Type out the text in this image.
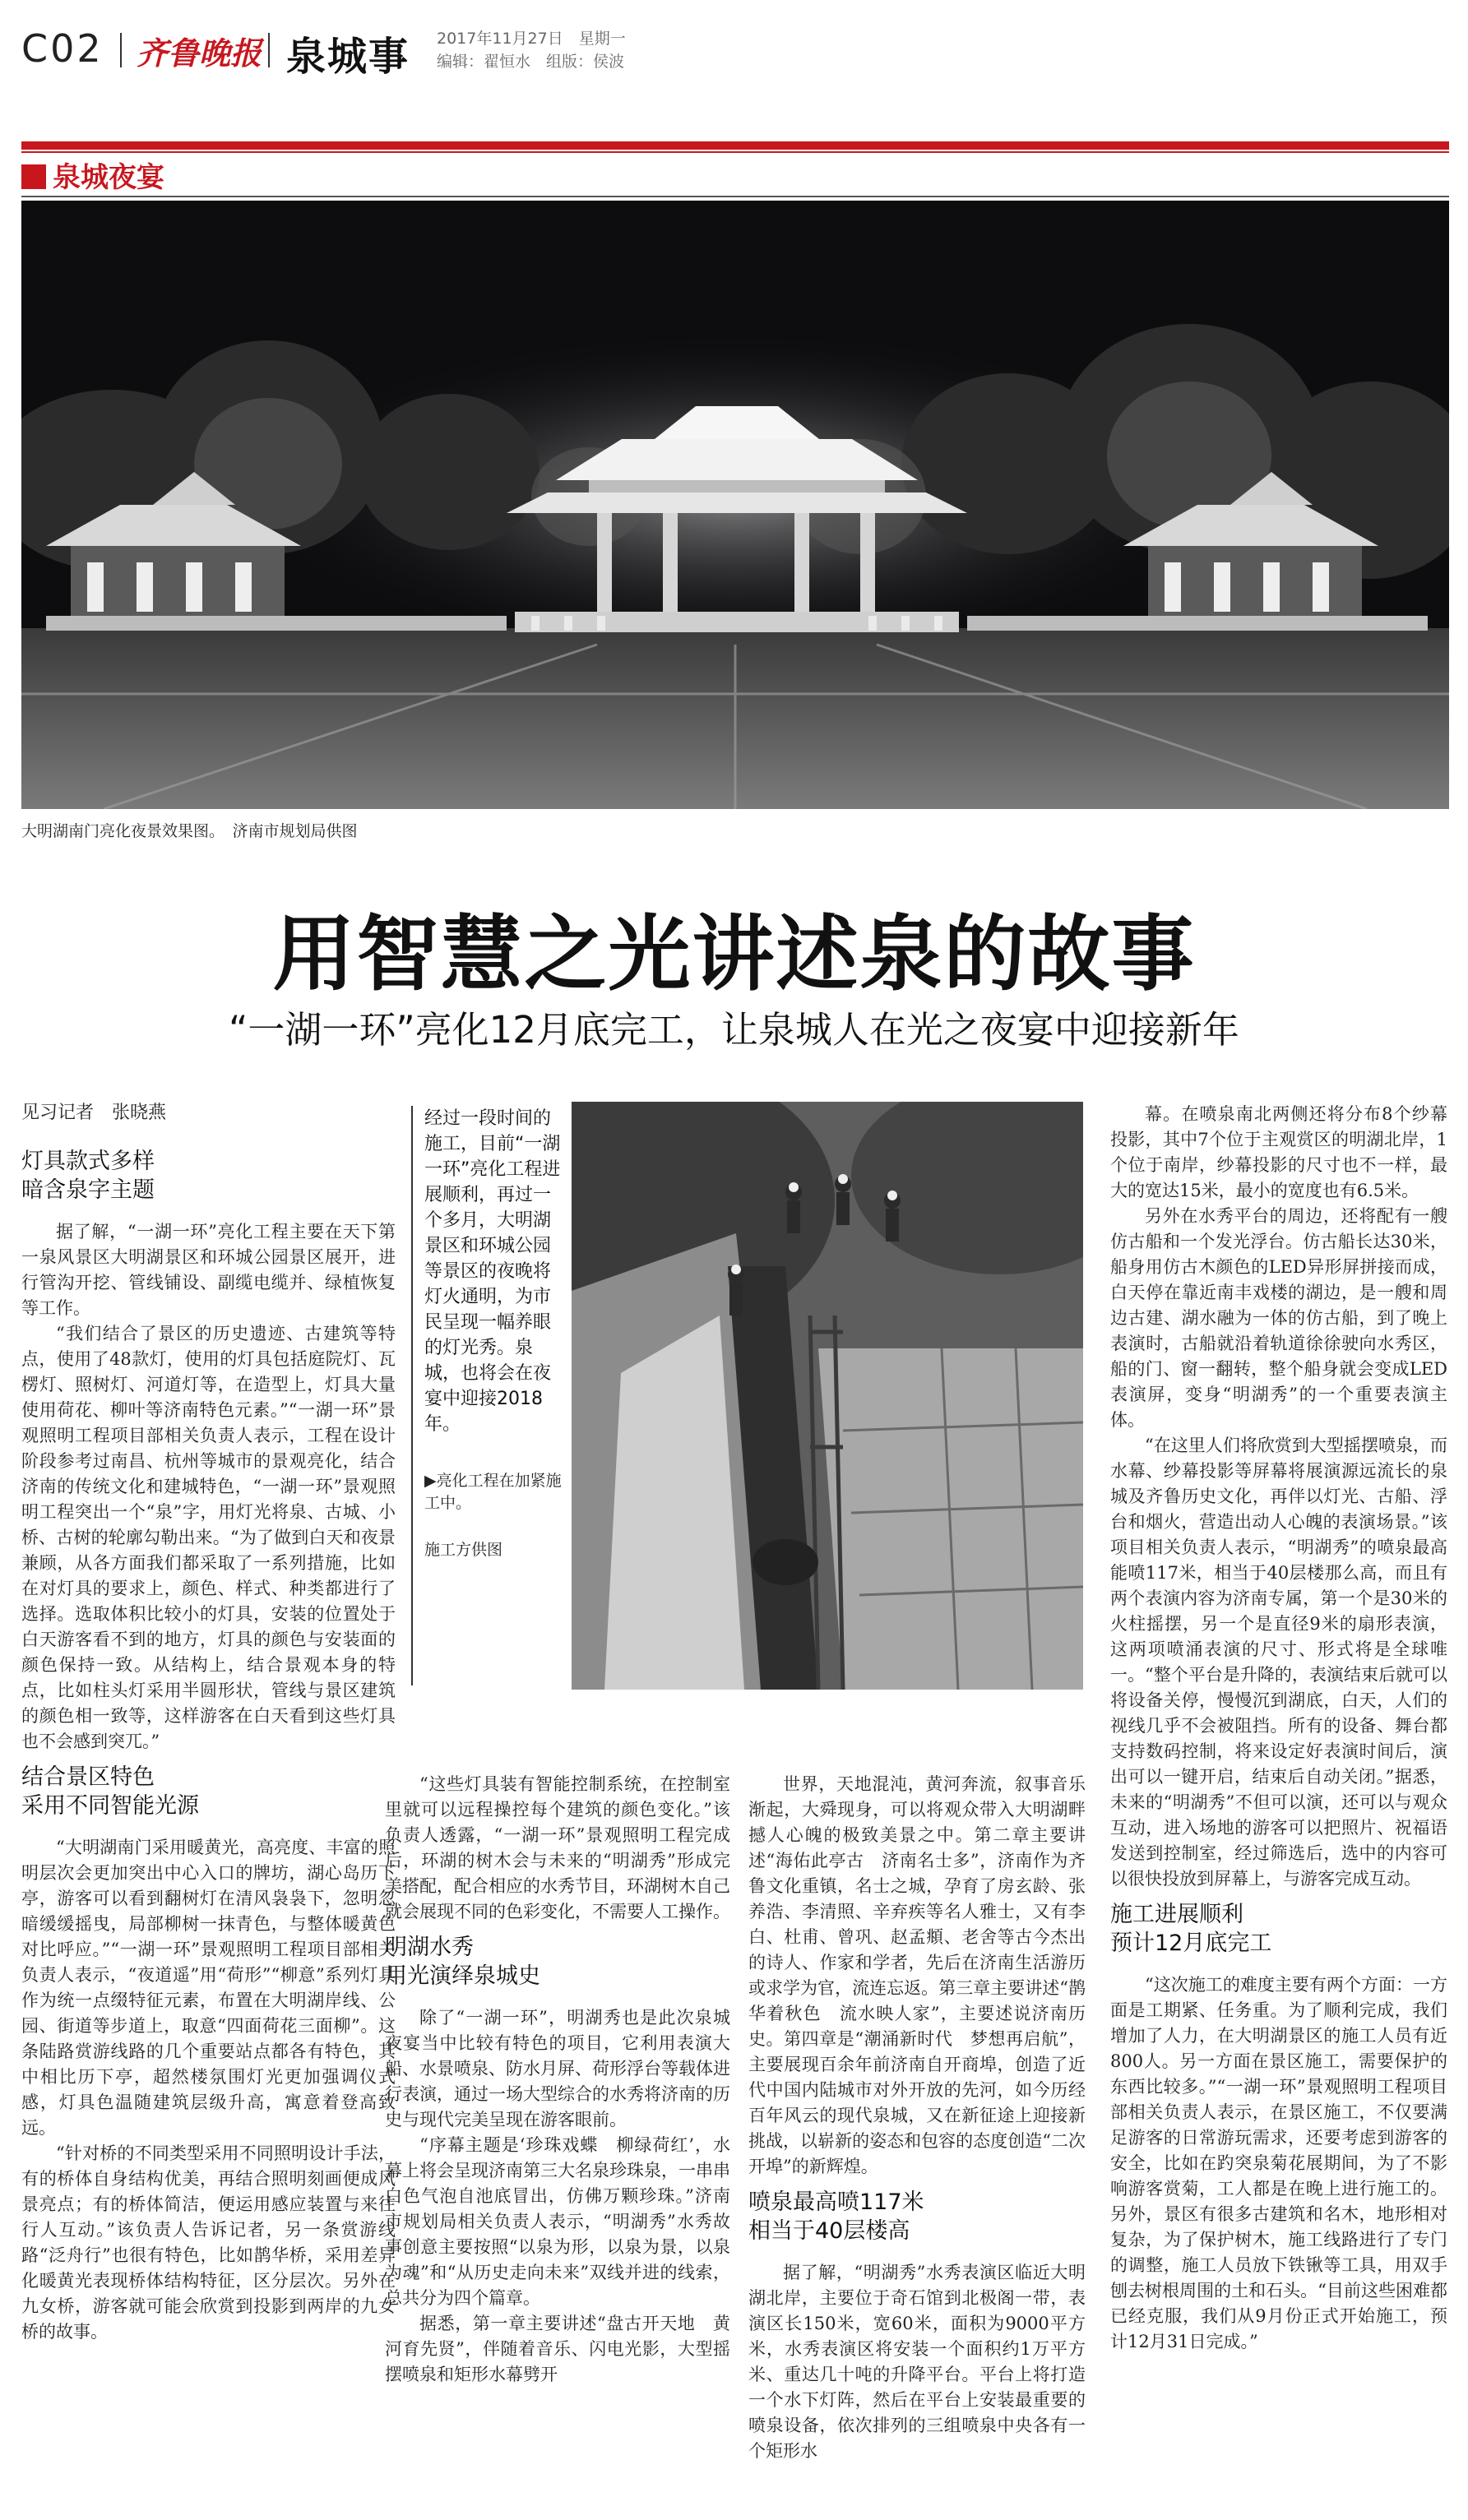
C02 齐鲁晚报 泉城事 2017年11月27日　星期一
编辑：翟恒水　组版：侯波
泉城夜宴
大明湖南门亮化夜景效果图。　济南市规划局供图
用智慧之光讲述泉的故事
“一湖一环”亮化12月底完工，让泉城人在光之夜宴中迎接新年
见习记者　张晓燕

灯具款式多样
暗含泉字主题

据了解，“一湖一环”亮化工程主要在天下第一泉风景区大明湖景区和环城公园景区展开，进行管沟开挖、管线铺设、副缆电缆并、绿植恢复等工作。

“我们结合了景区的历史遗迹、古建筑等特点，使用了48款灯，使用的灯具包括庭院灯、瓦楞灯、照树灯、河道灯等，在造型上，灯具大量使用荷花、柳叶等济南特色元素。”“一湖一环”景观照明工程项目部相关负责人表示，工程在设计阶段参考过南昌、杭州等城市的景观亮化，结合济南的传统文化和建城特色，“一湖一环”景观照明工程突出一个“泉”字，用灯光将泉、古城、小桥、古树的轮廓勾勒出来。“为了做到白天和夜景兼顾，从各方面我们都采取了一系列措施，比如在对灯具的要求上，颜色、样式、种类都进行了选择。选取体积比较小的灯具，安装的位置处于白天游客看不到的地方，灯具的颜色与安装面的颜色保持一致。从结构上，结合景观本身的特点，比如柱头灯采用半圆形状，管线与景区建筑的颜色相一致等，这样游客在白天看到这些灯具也不会感到突兀。”

结合景区特色
采用不同智能光源

“大明湖南门采用暖黄光，高亮度、丰富的照明层次会更加突出中心入口的牌坊，湖心岛历下亭，游客可以看到翻树灯在清风袅袅下，忽明忽暗缓缓摇曳，局部柳树一抹青色，与整体暖黄色对比呼应。”“一湖一环”景观照明工程项目部相关负责人表示，“夜道遥”用“荷形”“柳意”系列灯具作为统一点缀特征元素，布置在大明湖岸线、公园、街道等步道上，取意“四面荷花三面柳”。这条陆路赏游线路的几个重要站点都各有特色，其中相比历下亭，超然楼氛围灯光更加强调仪式感，灯具色温随建筑层级升高，寓意着登高致远。

“针对桥的不同类型采用不同照明设计手法，有的桥体自身结构优美，再结合照明刻画便成风景亮点；有的桥体简洁，便运用感应装置与来往行人互动。”该负责人告诉记者，另一条赏游线路“泛舟行”也很有特色，比如鹊华桥，采用差异化暖黄光表现桥体结构特征，区分层次。另外在九女桥，游客就可能会欣赏到投影到两岸的九女桥的故事。

经过一段时间的施工，目前“一湖一环”亮化工程进展顺利，再过一个多月，大明湖景区和环城公园等景区的夜晚将灯火通明，为市民呈现一幅养眼的灯光秀。泉城，也将会在夜宴中迎接2018年。

▶亮化工程在加紧施工中。

施工方供图

“这些灯具装有智能控制系统，在控制室里就可以远程操控每个建筑的颜色变化。”该负责人透露，“一湖一环”景观照明工程完成后，环湖的树木会与未来的“明湖秀”形成完美搭配，配合相应的水秀节目，环湖树木自己就会展现不同的色彩变化，不需要人工操作。

明湖水秀
用光演绎泉城史

除了“一湖一环”，明湖秀也是此次泉城夜宴当中比较有特色的项目，它利用表演大船、水景喷泉、防水月屏、荷形浮台等载体进行表演，通过一场大型综合的水秀将济南的历史与现代完美呈现在游客眼前。

“序幕主题是‘珍珠戏蝶　柳绿荷红’，水幕上将会呈现济南第三大名泉珍珠泉，一串串白色气泡自池底冒出，仿佛万颗珍珠。”济南市规划局相关负责人表示，“明湖秀”水秀故事创意主要按照“以泉为形，以泉为景，以泉为魂”和“从历史走向未来”双线并进的线索，总共分为四个篇章。

据悉，第一章主要讲述“盘古开天地　黄河育先贤”，伴随着音乐、闪电光影，大型摇摆喷泉和矩形水幕劈开

世界，天地混沌，黄河奔流，叙事音乐渐起，大舜现身，可以将观众带入大明湖畔撼人心魄的极致美景之中。第二章主要讲述“海佑此亭古　济南名士多”，济南作为齐鲁文化重镇，名士之城，孕育了房玄龄、张养浩、李清照、辛弃疾等名人雅士，又有李白、杜甫、曾巩、赵孟頫、老舍等古今杰出的诗人、作家和学者，先后在济南生活游历或求学为官，流连忘返。第三章主要讲述“鹊华着秋色　流水映人家”，主要述说济南历史。第四章是“潮涌新时代　梦想再启航”，主要展现百余年前济南自开商埠，创造了近代中国内陆城市对外开放的先河，如今历经百年风云的现代泉城，又在新征途上迎接新挑战，以崭新的姿态和包容的态度创造“二次开埠”的新辉煌。

喷泉最高喷117米
相当于40层楼高

据了解，“明湖秀”水秀表演区临近大明湖北岸，主要位于奇石馆到北极阁一带，表演区长150米，宽60米，面积为9000平方米，水秀表演区将安装一个面积约1万平方米、重达几十吨的升降平台。平台上将打造一个水下灯阵，然后在平台上安装最重要的喷泉设备，依次排列的三组喷泉中央各有一个矩形水

幕。在喷泉南北两侧还将分布8个纱幕投影，其中7个位于主观赏区的明湖北岸，1个位于南岸，纱幕投影的尺寸也不一样，最大的宽达15米，最小的宽度也有6.5米。

另外在水秀平台的周边，还将配有一艘仿古船和一个发光浮台。仿古船长达30米，船身用仿古木颜色的LED异形屏拼接而成，白天停在靠近南丰戏楼的湖边，是一艘和周边古建、湖水融为一体的仿古船，到了晚上表演时，古船就沿着轨道徐徐驶向水秀区，船的门、窗一翻转，整个船身就会变成LED表演屏，变身“明湖秀”的一个重要表演主体。

“在这里人们将欣赏到大型摇摆喷泉，而水幕、纱幕投影等屏幕将展演源远流长的泉城及齐鲁历史文化，再伴以灯光、古船、浮台和烟火，营造出动人心魄的表演场景。”该项目相关负责人表示，“明湖秀”的喷泉最高能喷117米，相当于40层楼那么高，而且有两个表演内容为济南专属，第一个是30米的火柱摇摆，另一个是直径9米的扇形表演，这两项喷涌表演的尺寸、形式将是全球唯一。“整个平台是升降的，表演结束后就可以将设备关停，慢慢沉到湖底，白天，人们的视线几乎不会被阻挡。所有的设备、舞台都支持数码控制，将来设定好表演时间后，演出可以一键开启，结束后自动关闭。”据悉，未来的“明湖秀”不但可以演，还可以与观众互动，进入场地的游客可以把照片、祝福语发送到控制室，经过筛选后，选中的内容可以很快投放到屏幕上，与游客完成互动。

施工进展顺利
预计12月底完工

“这次施工的难度主要有两个方面：一方面是工期紧、任务重。为了顺利完成，我们增加了人力，在大明湖景区的施工人员有近800人。另一方面在景区施工，需要保护的东西比较多。”“一湖一环”景观照明工程项目部相关负责人表示，在景区施工，不仅要满足游客的日常游玩需求，还要考虑到游客的安全，比如在趵突泉菊花展期间，为了不影响游客赏菊，工人都是在晚上进行施工的。另外，景区有很多古建筑和名木，地形相对复杂，为了保护树木，施工线路进行了专门的调整，施工人员放下铁锹等工具，用双手刨去树根周围的土和石头。“目前这些困难都已经克服，我们从9月份正式开始施工，预计12月31日完成。”
